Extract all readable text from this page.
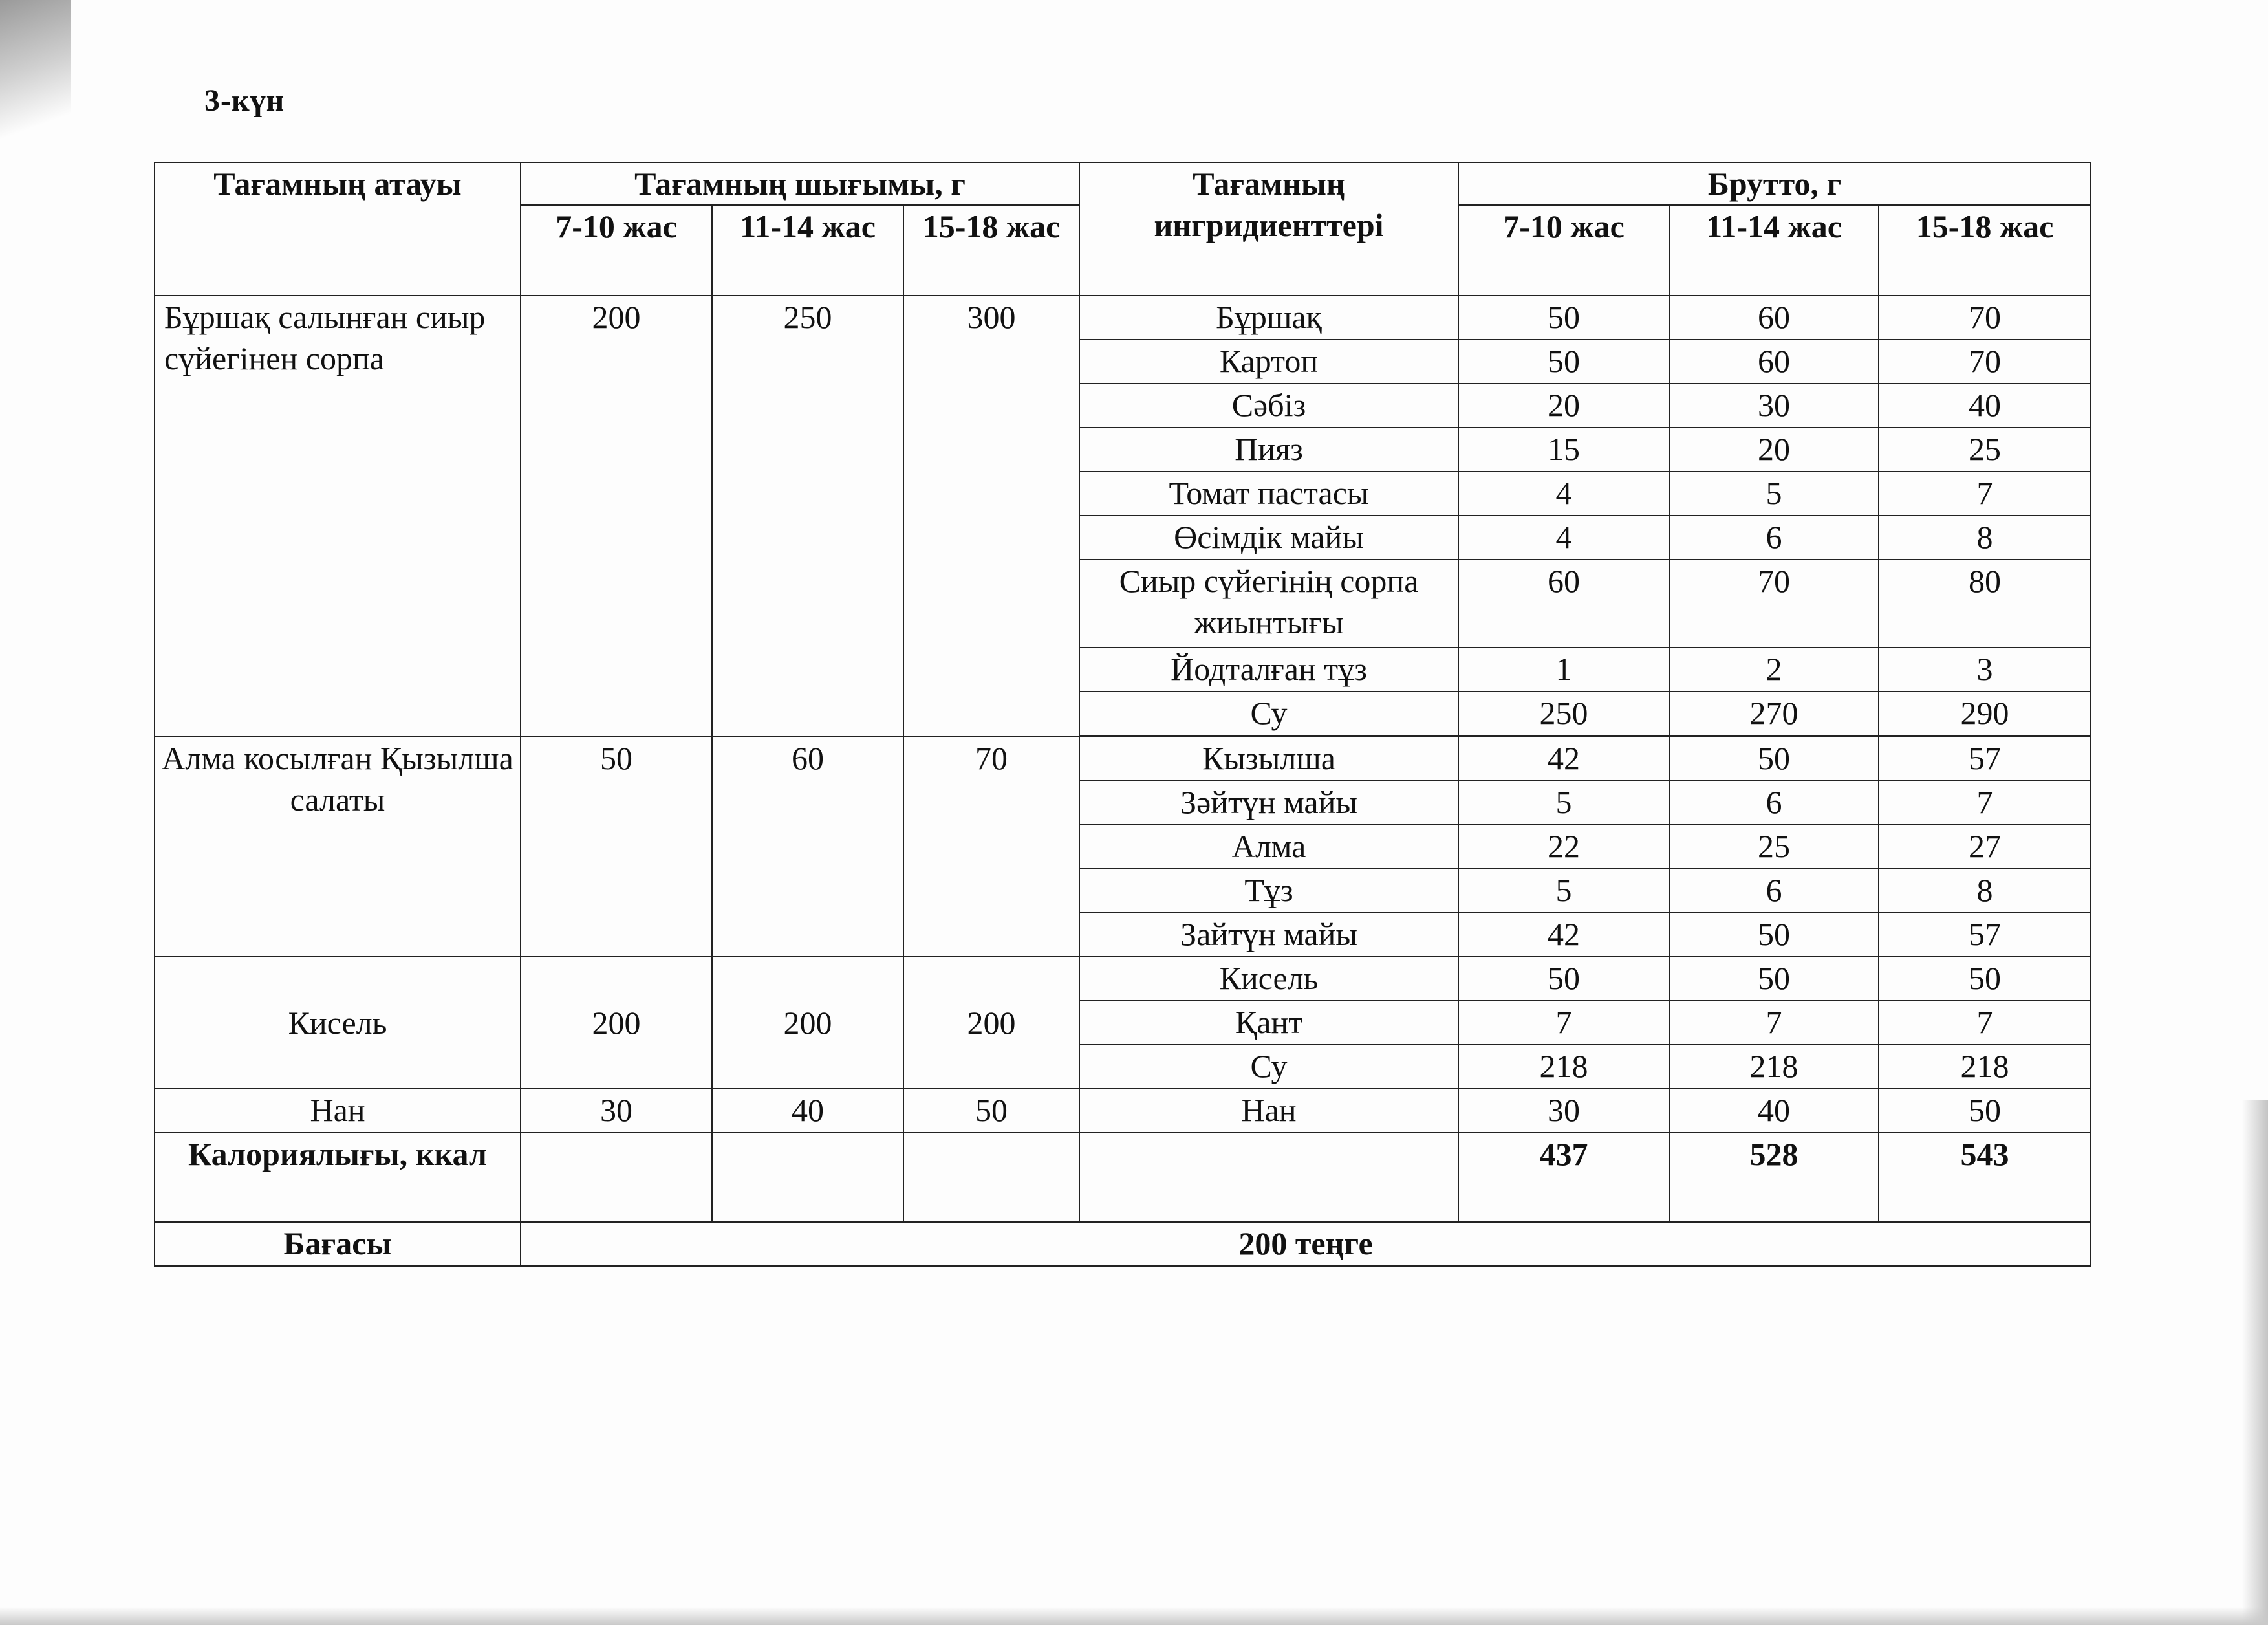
3-күн
Тағамның атауы	Тағамның шығымы, г			Тағамның ингридиенттері	Брутто, г		
	7-10 жас	11-14 жас	15-18 жас		7-10 жас	11-14 жас	15-18 жас
Бұршақ салынған сиыр сүйегінен сорпа	200	250	300	Бұршақ	50	60	70
				Картоп	50	60	70
				Сәбіз	20	30	40
				Пияз	15	20	25
				Томат пастасы	4	5	7
				Өсімдік майы	4	6	8
				Сиыр сүйегінің сорпа жиынтығы	60	70	80
				Йодталған тұз	1	2	3
				Су	250	270	290

Алма косылған Қызылша салаты	50	60	70	Кызылша	42	50	57
				Зәйтүн майы	5	6	7
				Алма	22	25	27
				Тұз	5	6	8
				Зайтүн майы	42	50	57
Кисель	200	200	200	Кисель	50	50	50
				Қант	7	7	7
				Су	218	218	218
Нан	30	40	50	Нан	30	40	50
Калориялығы, ккал					437	528	543
Бағасы	200 теңге						
